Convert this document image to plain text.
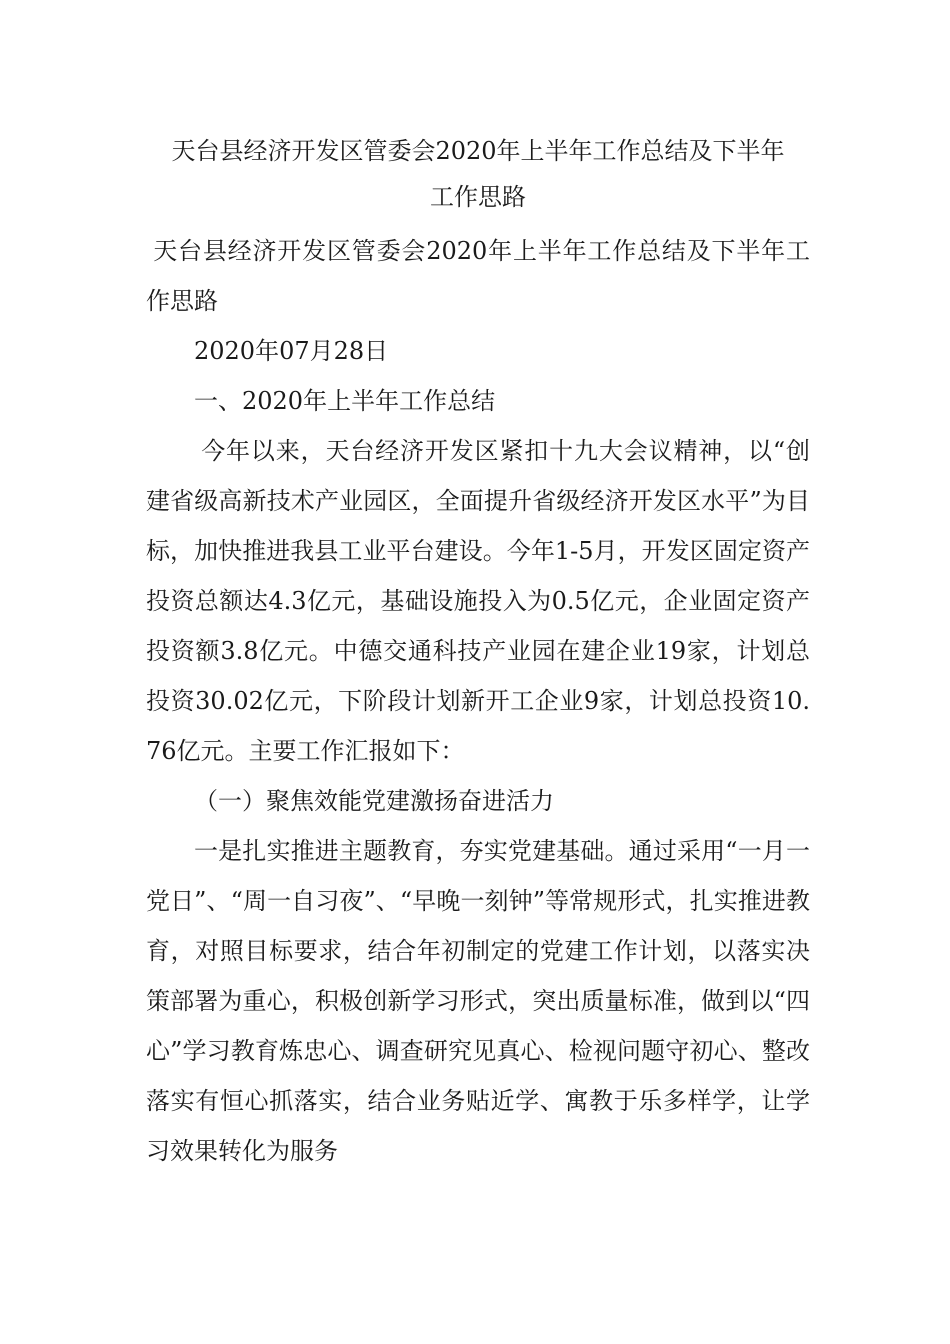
天台县经济开发区管委会2020年上半年工作总结及下半年
工作思路

天台县经济开发区管委会2020年上半年工作总结及下半年工作思路

2020年07月28日

一、2020年上半年工作总结

今年以来，天台经济开发区紧扣十九大会议精神，以“创建省级高新技术产业园区，全面提升省级经济开发区水平”为目标，加快推进我县工业平台建设。今年1-5月，开发区固定资产投资总额达4.3亿元，基础设施投入为0.5亿元，企业固定资产投资额3.8亿元。中德交通科技产业园在建企业19家，计划总投资30.02亿元，下阶段计划新开工企业9家，计划总投资10.76亿元。主要工作汇报如下：

（一）聚焦效能党建激扬奋进活力

一是扎实推进主题教育，夯实党建基础。通过采用“一月一党日”、“周一自习夜”、“早晚一刻钟”等常规形式，扎实推进教育，对照目标要求，结合年初制定的党建工作计划，以落实决策部署为重心，积极创新学习形式，突出质量标准，做到以“四心”学习教育炼忠心、调查研究见真心、检视问题守初心、整改落实有恒心抓落实，结合业务贴近学、寓教于乐多样学，让学习效果转化为服务
